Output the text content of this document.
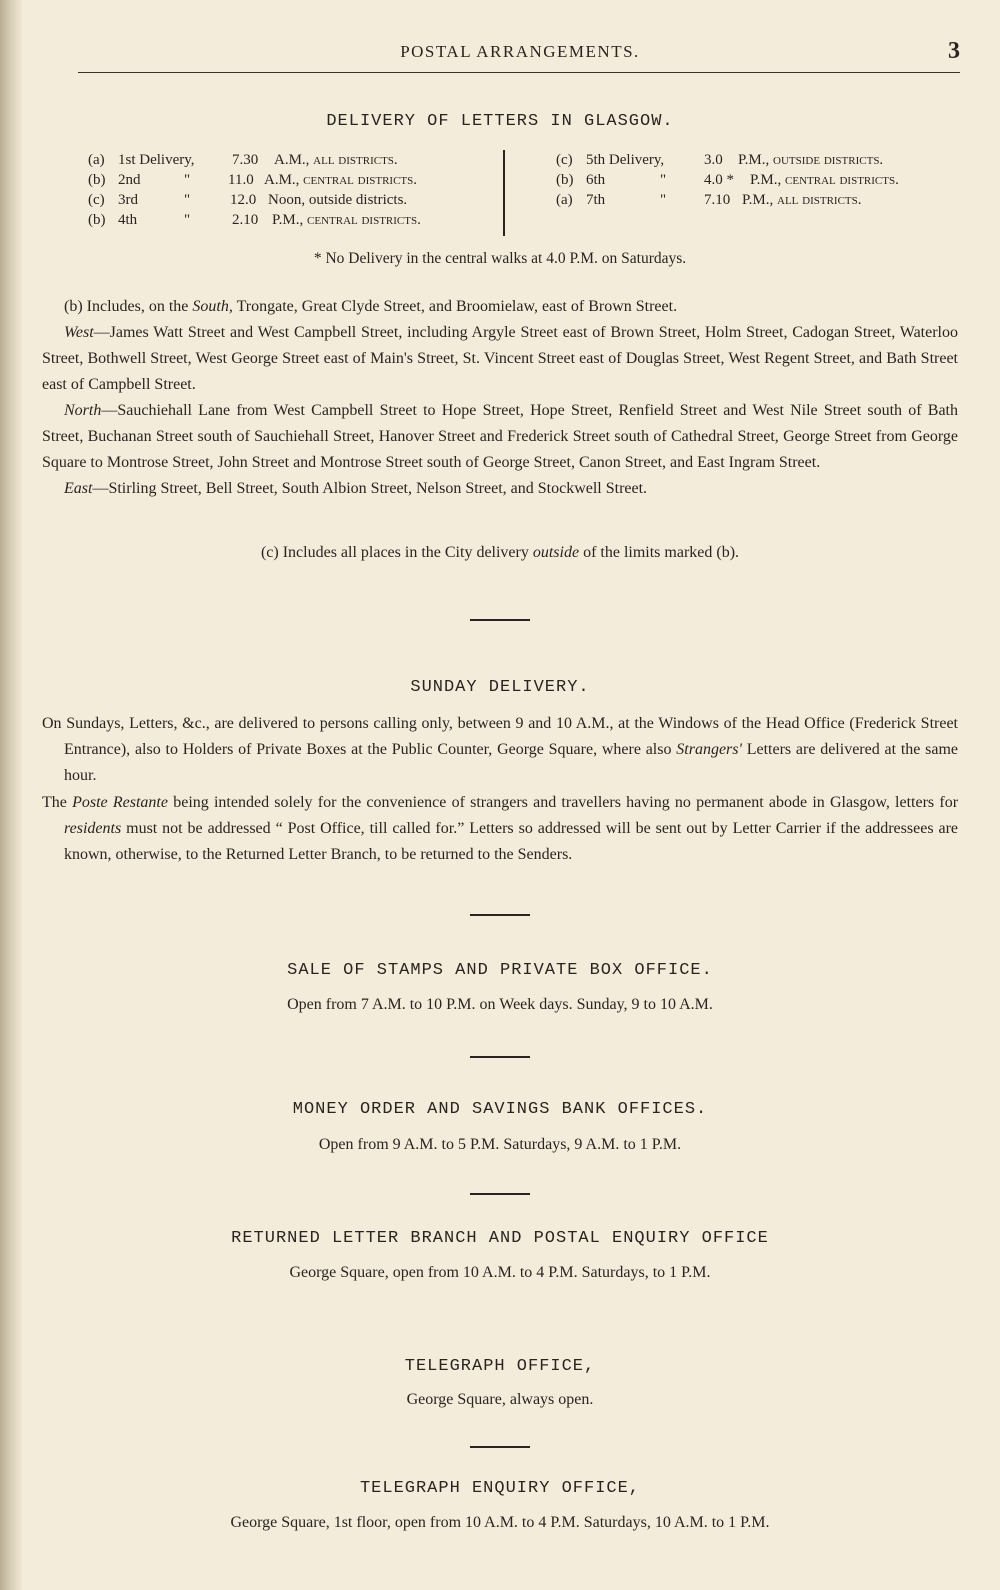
POSTAL ARRANGEMENTS.	3
DELIVERY OF LETTERS IN GLASGOW.
(a) 1st Delivery, 7.30 A.M., all districts.
(b) 2nd	"	11.0 A.M., central districts.
(c) 3rd	"	12.0 Noon, outside districts.
(b) 4th	"	2.10 P.M., central districts.
(c) 5th Delivery,	3.0 P.M., outside districts.
(b) 6th	"	4.0 * P.M., central districts.
(a) 7th	"	7.10 P.M., all districts.
* No Delivery in the central walks at 4.0 P.M. on Saturdays.
(b) Includes, on the South, Trongate, Great Clyde Street, and Broomielaw, east of Brown Street.
West—James Watt Street and West Campbell Street, including Argyle Street east of Brown Street, Holm Street, Cadogan Street, Waterloo Street, Bothwell Street, West George Street east of Main's Street, St. Vincent Street east of Douglas Street, West Regent Street, and Bath Street east of Campbell Street.
North—Sauchiehall Lane from West Campbell Street to Hope Street, Hope Street, Renfield Street and West Nile Street south of Bath Street, Buchanan Street south of Sauchiehall Street, Hanover Street and Frederick Street south of Cathedral Street, George Street from George Square to Montrose Street, John Street and Montrose Street south of George Street, Canon Street, and East Ingram Street.
East—Stirling Street, Bell Street, South Albion Street, Nelson Street, and Stockwell Street.
(c) Includes all places in the City delivery outside of the limits marked (b).
SUNDAY DELIVERY.
On Sundays, Letters, &c., are delivered to persons calling only, between 9 and 10 A.M., at the Windows of the Head Office (Frederick Street Entrance), also to Holders of Private Boxes at the Public Counter, George Square, where also Strangers' Letters are delivered at the same hour.
The Poste Restante being intended solely for the convenience of strangers and travellers having no permanent abode in Glasgow, letters for residents must not be addressed “ Post Office, till called for.” Letters so addressed will be sent out by Letter Carrier if the addressees are known, otherwise, to the Returned Letter Branch, to be returned to the Senders.
SALE OF STAMPS AND PRIVATE BOX OFFICE.
Open from 7 A.M. to 10 P.M. on Week days. Sunday, 9 to 10 A.M.
MONEY ORDER AND SAVINGS BANK OFFICES.
Open from 9 A.M. to 5 P.M. Saturdays, 9 A.M. to 1 P.M.
RETURNED LETTER BRANCH AND POSTAL ENQUIRY OFFICE
George Square, open from 10 A.M. to 4 P.M. Saturdays, to 1 P.M.
TELEGRAPH OFFICE,
George Square, always open.
TELEGRAPH ENQUIRY OFFICE,
George Square, 1st floor, open from 10 A.M. to 4 P.M. Saturdays, 10 A.M. to 1 P.M.
